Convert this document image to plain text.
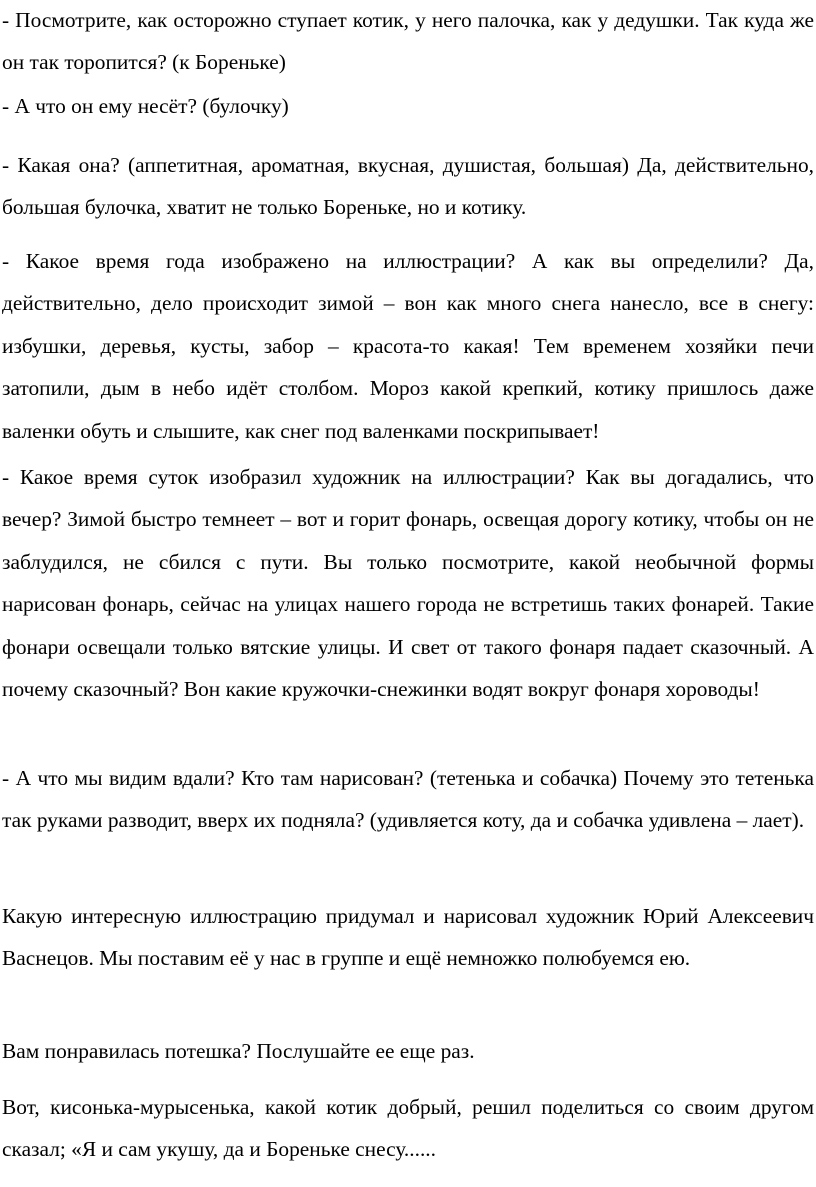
- Посмотрите, как осторожно ступает котик, у него палочка, как у дедушки. Так куда же он так торопится? (к Бореньке)

- А что он ему несёт? (булочку)

- Какая она? (аппетитная, ароматная, вкусная, душистая, большая) Да, действительно, большая булочка, хватит не только Бореньке, но и котику.

- Какое время года изображено на иллюстрации? А как вы определили? Да, действительно, дело происходит зимой – вон как много снега нанесло, все в снегу: избушки, деревья, кусты, забор – красота-то какая! Тем временем хозяйки печи затопили, дым в небо идёт столбом. Мороз какой крепкий, котику пришлось даже валенки обуть и слышите, как снег под валенками поскрипывает!

- Какое время суток изобразил художник на иллюстрации? Как вы догадались, что вечер? Зимой быстро темнеет – вот и горит фонарь, освещая дорогу котику, чтобы он не заблудился, не сбился с пути. Вы только посмотрите, какой необычной формы нарисован фонарь, сейчас на улицах нашего города не встретишь таких фонарей. Такие фонари освещали только вятские улицы. И свет от такого фонаря падает сказочный. А почему сказочный? Вон какие кружочки-снежинки водят вокруг фонаря хороводы!

- А что мы видим вдали? Кто там нарисован? (тетенька и собачка) Почему это тетенька так руками разводит, вверх их подняла? (удивляется коту, да и собачка удивлена – лает).

Какую интересную иллюстрацию придумал и нарисовал художник Юрий Алексеевич Васнецов. Мы поставим её у нас в группе и ещё немножко полюбуемся ею.

Вам понравилась потешка? Послушайте ее еще раз.

Вот, кисонька-мурысенька, какой котик добрый, решил поделиться со своим другом сказал; «Я и сам укушу, да и Бореньке снесу......
